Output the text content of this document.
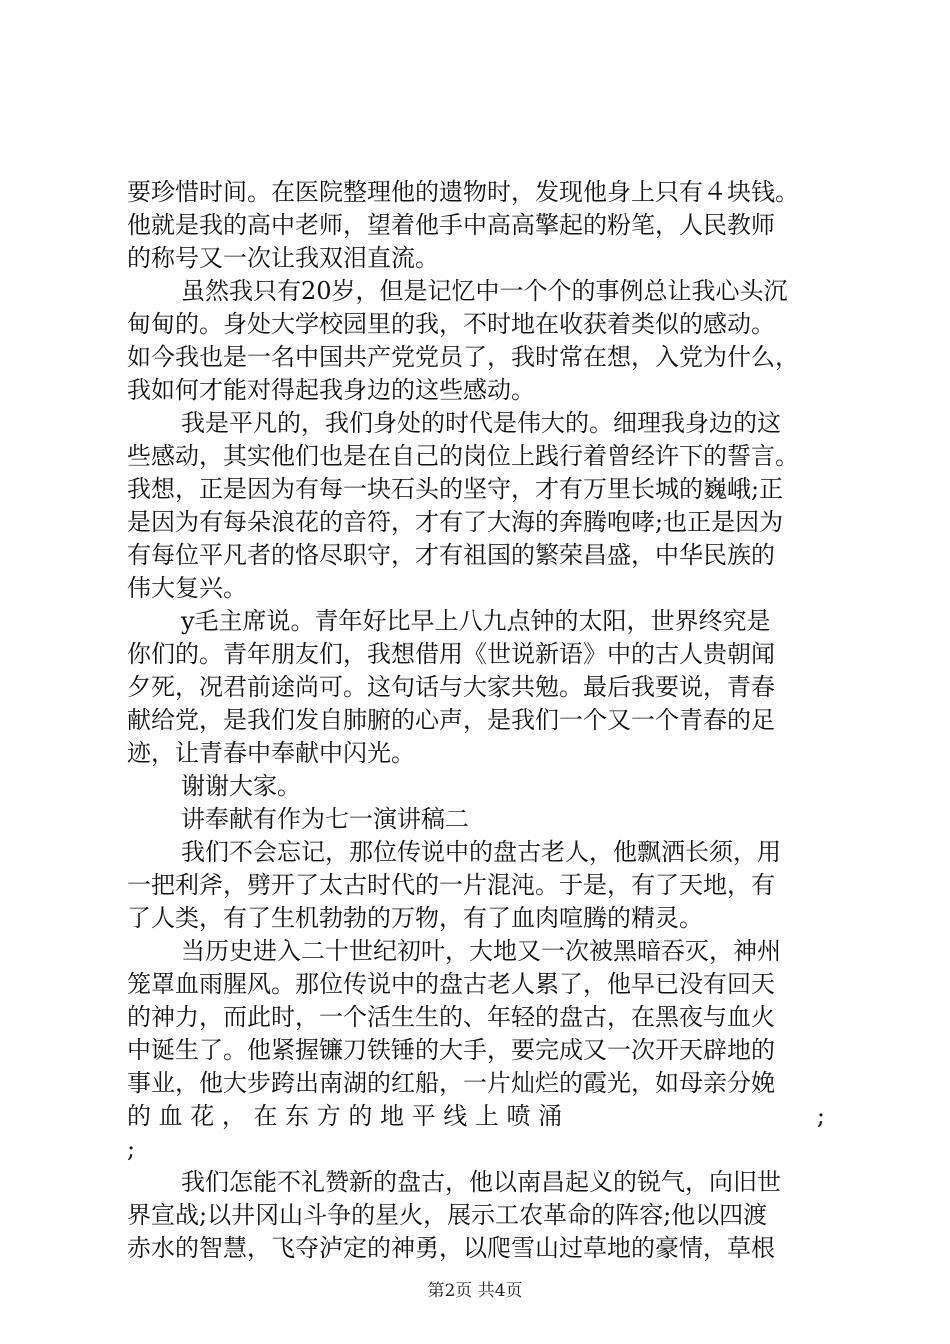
要珍惜时间。在医院整理他的遗物时，发现他身上只有４块钱。
他就是我的高中老师，望着他手中高高擎起的粉笔，人民教师
的称号又一次让我双泪直流。
虽然我只有20岁，但是记忆中一个个的事例总让我心头沉
甸甸的。身处大学校园里的我，不时地在收获着类似的感动。
如今我也是一名中国共产党党员了，我时常在想，入党为什么，
我如何才能对得起我身边的这些感动。
我是平凡的，我们身处的时代是伟大的。细理我身边的这
些感动，其实他们也是在自己的岗位上践行着曾经许下的誓言。
我想，正是因为有每一块石头的坚守，才有万里长城的巍峨;正
是因为有每朵浪花的音符，才有了大海的奔腾咆哮;也正是因为
有每位平凡者的恪尽职守，才有祖国的繁荣昌盛，中华民族的
伟大复兴。
y毛主席说。青年好比早上八九点钟的太阳，世界终究是
你们的。青年朋友们，我想借用《世说新语》中的古人贵朝闻
夕死，况君前途尚可。这句话与大家共勉。最后我要说，青春
献给党，是我们发自肺腑的心声，是我们一个又一个青春的足
迹，让青春中奉献中闪光。
谢谢大家。
讲奉献有作为七一演讲稿二
我们不会忘记，那位传说中的盘古老人，他飘洒长须，用
一把利斧，劈开了太古时代的一片混沌。于是，有了天地，有
了人类，有了生机勃勃的万物，有了血肉喧腾的精灵。
当历史进入二十世纪初叶，大地又一次被黑暗吞灭，神州
笼罩血雨腥风。那位传说中的盘古老人累了，他早已没有回天
的神力，而此时，一个活生生的、年轻的盘古，在黑夜与血火
中诞生了。他紧握镰刀铁锤的大手，要完成又一次开天辟地的
事业，他大步跨出南湖的红船，一片灿烂的霞光，如母亲分娩
的 血 花 ， 在 东 方 的 地 平 线 上 喷 涌	;
;
我们怎能不礼赞新的盘古，他以南昌起义的锐气，向旧世
界宣战;以井冈山斗争的星火，展示工农革命的阵容;他以四渡
赤水的智慧，飞夺泸定的神勇，以爬雪山过草地的豪情，草根
第2页 共4页
